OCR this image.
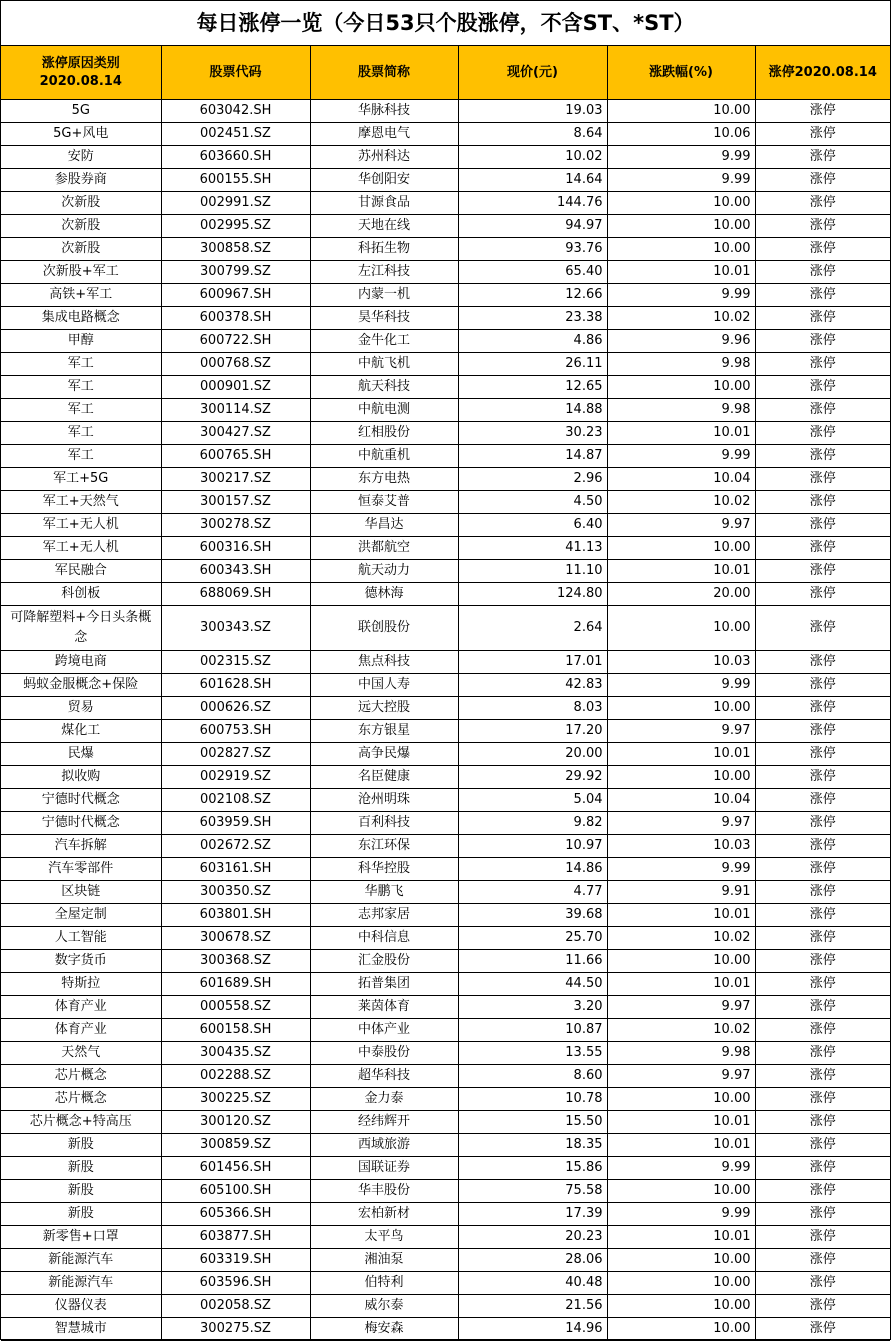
每日涨停一览（今日53只个股涨停，不含ST、*ST）
涨停原因类别
2020.08.14	股票代码	股票简称	现价(元)	涨跌幅(%)	涨停2020.08.14
5G	603042.SH	华脉科技	19.03	10.00	涨停
5G+风电	002451.SZ	摩恩电气	8.64	10.06	涨停
安防	603660.SH	苏州科达	10.02	9.99	涨停
参股券商	600155.SH	华创阳安	14.64	9.99	涨停
次新股	002991.SZ	甘源食品	144.76	10.00	涨停
次新股	002995.SZ	天地在线	94.97	10.00	涨停
次新股	300858.SZ	科拓生物	93.76	10.00	涨停
次新股+军工	300799.SZ	左江科技	65.40	10.01	涨停
高铁+军工	600967.SH	内蒙一机	12.66	9.99	涨停
集成电路概念	600378.SH	昊华科技	23.38	10.02	涨停
甲醇	600722.SH	金牛化工	4.86	9.96	涨停
军工	000768.SZ	中航飞机	26.11	9.98	涨停
军工	000901.SZ	航天科技	12.65	10.00	涨停
军工	300114.SZ	中航电测	14.88	9.98	涨停
军工	300427.SZ	红相股份	30.23	10.01	涨停
军工	600765.SH	中航重机	14.87	9.99	涨停
军工+5G	300217.SZ	东方电热	2.96	10.04	涨停
军工+天然气	300157.SZ	恒泰艾普	4.50	10.02	涨停
军工+无人机	300278.SZ	华昌达	6.40	9.97	涨停
军工+无人机	600316.SH	洪都航空	41.13	10.00	涨停
军民融合	600343.SH	航天动力	11.10	10.01	涨停
科创板	688069.SH	德林海	124.80	20.00	涨停
可降解塑料+今日头条概念	300343.SZ	联创股份	2.64	10.00	涨停
跨境电商	002315.SZ	焦点科技	17.01	10.03	涨停
蚂蚁金服概念+保险	601628.SH	中国人寿	42.83	9.99	涨停
贸易	000626.SZ	远大控股	8.03	10.00	涨停
煤化工	600753.SH	东方银星	17.20	9.97	涨停
民爆	002827.SZ	高争民爆	20.00	10.01	涨停
拟收购	002919.SZ	名臣健康	29.92	10.00	涨停
宁德时代概念	002108.SZ	沧州明珠	5.04	10.04	涨停
宁德时代概念	603959.SH	百利科技	9.82	9.97	涨停
汽车拆解	002672.SZ	东江环保	10.97	10.03	涨停
汽车零部件	603161.SH	科华控股	14.86	9.99	涨停
区块链	300350.SZ	华鹏飞	4.77	9.91	涨停
全屋定制	603801.SH	志邦家居	39.68	10.01	涨停
人工智能	300678.SZ	中科信息	25.70	10.02	涨停
数字货币	300368.SZ	汇金股份	11.66	10.00	涨停
特斯拉	601689.SH	拓普集团	44.50	10.01	涨停
体育产业	000558.SZ	莱茵体育	3.20	9.97	涨停
体育产业	600158.SH	中体产业	10.87	10.02	涨停
天然气	300435.SZ	中泰股份	13.55	9.98	涨停
芯片概念	002288.SZ	超华科技	8.60	9.97	涨停
芯片概念	300225.SZ	金力泰	10.78	10.00	涨停
芯片概念+特高压	300120.SZ	经纬辉开	15.50	10.01	涨停
新股	300859.SZ	西域旅游	18.35	10.01	涨停
新股	601456.SH	国联证券	15.86	9.99	涨停
新股	605100.SH	华丰股份	75.58	10.00	涨停
新股	605366.SH	宏柏新材	17.39	9.99	涨停
新零售+口罩	603877.SH	太平鸟	20.23	10.01	涨停
新能源汽车	603319.SH	湘油泵	28.06	10.00	涨停
新能源汽车	603596.SH	伯特利	40.48	10.00	涨停
仪器仪表	002058.SZ	威尔泰	21.56	10.00	涨停
智慧城市	300275.SZ	梅安森	14.96	10.00	涨停
